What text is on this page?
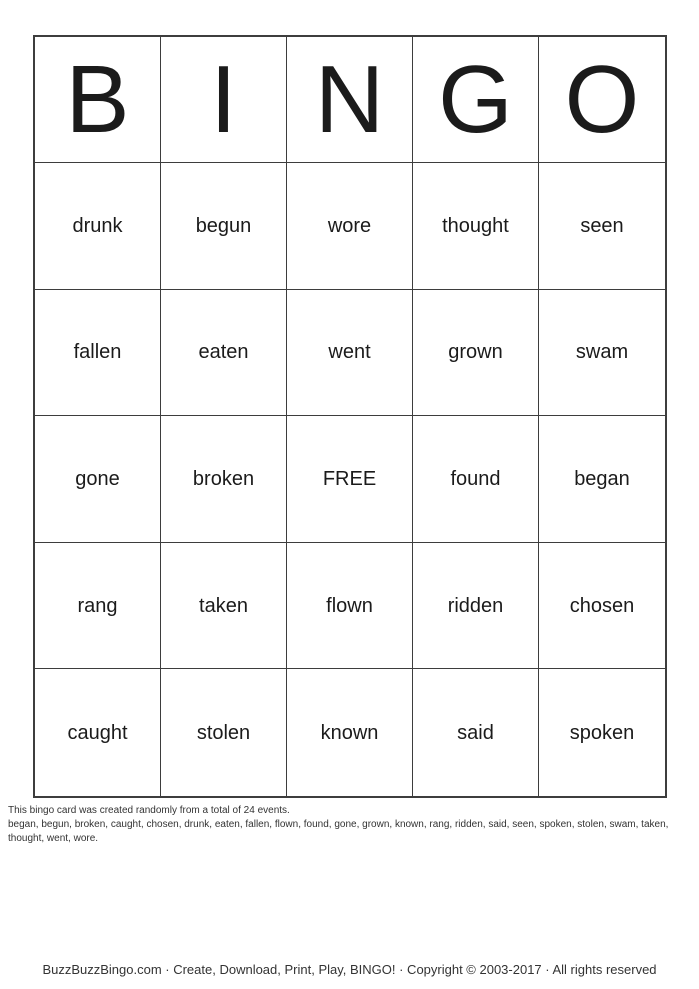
B I N G O
drunk	begun	wore	thought	seen
fallen	eaten	went	grown	swam
gone	broken	FREE	found	began
rang	taken	flown	ridden	chosen
caught	stolen	known	said	spoken

This bingo card was created randomly from a total of 24 events.

began, begun, broken, caught, chosen, drunk, eaten, fallen, flown, found, gone, grown, known, rang, ridden, said, seen, spoken, stolen, swam, taken, thought, went, wore.

BuzzBuzzBingo.com · Create, Download, Print, Play, BINGO! · Copyright © 2003-2017 · All rights reserved
